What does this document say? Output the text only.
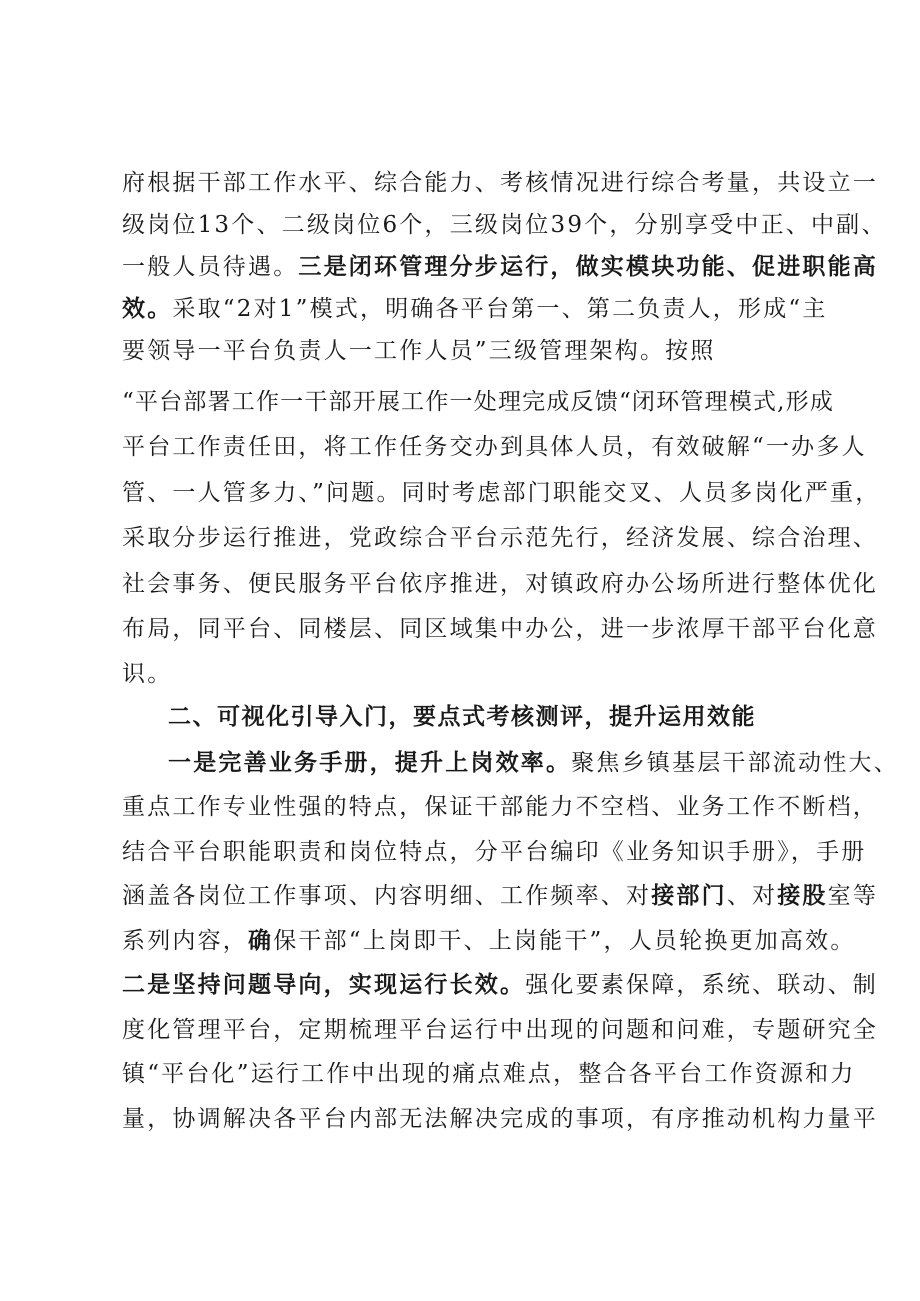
府根据干部工作水平、综合能力、考核情况进行综合考量，共设立一
级岗位13个、二级岗位6个，三级岗位39个，分别享受中正、中副、
一般人员待遇。三是闭环管理分步运行，做实模块功能、促进职能高
效。采取“2对1”模式，明确各平台第一、第二负责人，形成“主
要领导一平台负责人一工作人员”三级管理架构。按照
“平台部署工作一干部开展工作一处理完成反馈“闭环管理模式,形成
平台工作责任田，将工作任务交办到具体人员，有效破解“一办多人
管、一人管多力、”问题。同时考虑部门职能交叉、人员多岗化严重，
采取分步运行推进，党政综合平台示范先行，经济发展、综合治理、
社会事务、便民服务平台依序推进，对镇政府办公场所进行整体优化
布局，同平台、同楼层、同区域集中办公，进一步浓厚干部平台化意
识。
二、可视化引导入门，要点式考核测评，提升运用效能
一是完善业务手册，提升上岗效率。聚焦乡镇基层干部流动性大、
重点工作专业性强的特点，保证干部能力不空档、业务工作不断档，
结合平台职能职责和岗位特点，分平台编印《业务知识手册》，手册
涵盖各岗位工作事项、内容明细、工作频率、对接部门、对接股室等
系列内容，确保干部“上岗即干、上岗能干”，人员轮换更加高效。
二是坚持问题导向，实现运行长效。强化要素保障，系统、联动、制
度化管理平台，定期梳理平台运行中出现的问题和问难，专题研究全
镇“平台化”运行工作中出现的痛点难点，整合各平台工作资源和力
量，协调解决各平台内部无法解决完成的事项，有序推动机构力量平
